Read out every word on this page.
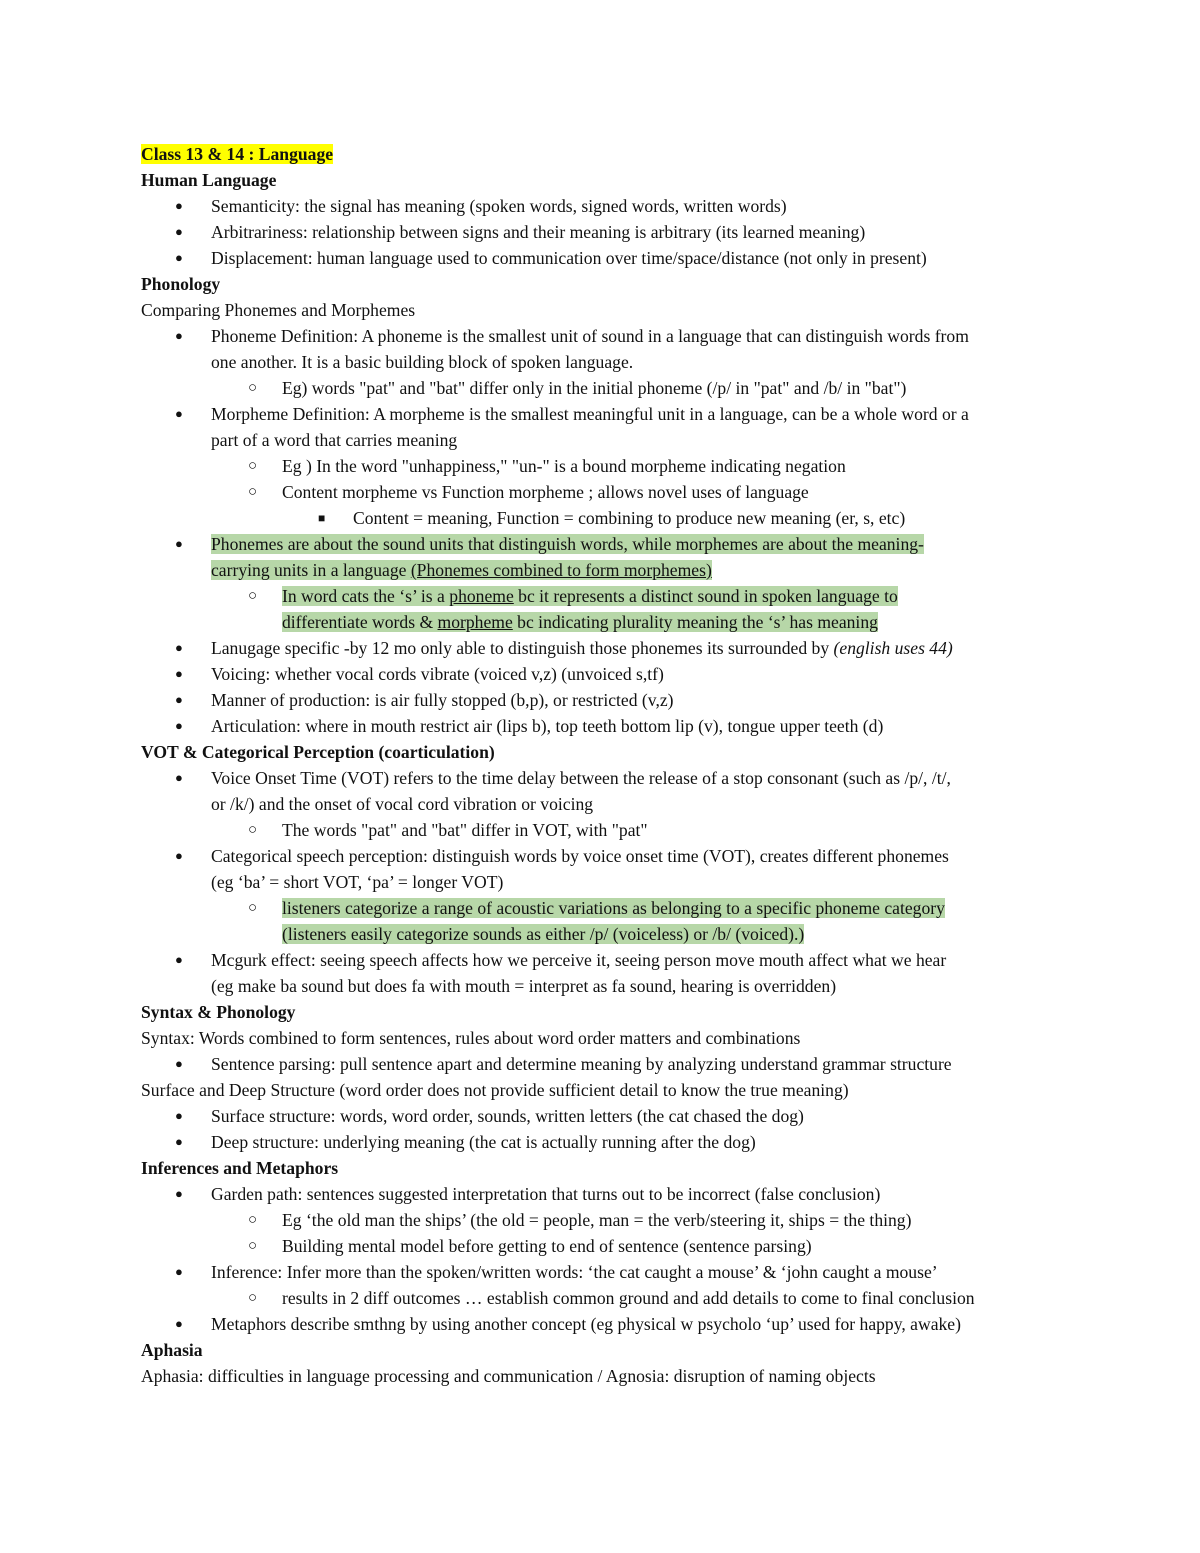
Class 13 & 14 : Language
Human Language
● Semanticity: the signal has meaning (spoken words, signed words, written words)
● Arbitrariness: relationship between signs and their meaning is arbitrary (its learned meaning)
● Displacement: human language used to communication over time/space/distance (not only in present)
Phonology
Comparing Phonemes and Morphemes
● Phoneme Definition: A phoneme is the smallest unit of sound in a language that can distinguish words from
one another. It is a basic building block of spoken language.
○ Eg) words "pat" and "bat" differ only in the initial phoneme (/p/ in "pat" and /b/ in "bat")
● Morpheme Definition: A morpheme is the smallest meaningful unit in a language, can be a whole word or a
part of a word that carries meaning
○ Eg ) In the word "unhappiness," "un-" is a bound morpheme indicating negation
○ Content morpheme vs Function morpheme ; allows novel uses of language
■ Content = meaning, Function = combining to produce new meaning (er, s, etc)
● Phonemes are about the sound units that distinguish words, while morphemes are about the meaning-
carrying units in a language (Phonemes combined to form morphemes)
○ In word cats the ‘s’ is a phoneme bc it represents a distinct sound in spoken language to
differentiate words & morpheme bc indicating plurality meaning the ‘s’ has meaning
● Lanugage specific -by 12 mo only able to distinguish those phonemes its surrounded by (english uses 44)
● Voicing: whether vocal cords vibrate (voiced v,z) (unvoiced s,tf)
● Manner of production: is air fully stopped (b,p), or restricted (v,z)
● Articulation: where in mouth restrict air (lips b), top teeth bottom lip (v), tongue upper teeth (d)
VOT & Categorical Perception (coarticulation)
● Voice Onset Time (VOT) refers to the time delay between the release of a stop consonant (such as /p/, /t/,
or /k/) and the onset of vocal cord vibration or voicing
○ The words "pat" and "bat" differ in VOT, with "pat"
● Categorical speech perception: distinguish words by voice onset time (VOT), creates different phonemes
(eg ‘ba’ = short VOT, ‘pa’ = longer VOT)
○ listeners categorize a range of acoustic variations as belonging to a specific phoneme category
(listeners easily categorize sounds as either /p/ (voiceless) or /b/ (voiced).)
● Mcgurk effect: seeing speech affects how we perceive it, seeing person move mouth affect what we hear
(eg make ba sound but does fa with mouth = interpret as fa sound, hearing is overridden)
Syntax & Phonology
Syntax: Words combined to form sentences, rules about word order matters and combinations
● Sentence parsing: pull sentence apart and determine meaning by analyzing understand grammar structure
Surface and Deep Structure (word order does not provide sufficient detail to know the true meaning)
● Surface structure: words, word order, sounds, written letters (the cat chased the dog)
● Deep structure: underlying meaning (the cat is actually running after the dog)
Inferences and Metaphors
● Garden path: sentences suggested interpretation that turns out to be incorrect (false conclusion)
○ Eg ‘the old man the ships’ (the old = people, man = the verb/steering it, ships = the thing)
○ Building mental model before getting to end of sentence (sentence parsing)
● Inference: Infer more than the spoken/written words: ‘the cat caught a mouse’ & ‘john caught a mouse’
○ results in 2 diff outcomes … establish common ground and add details to come to final conclusion
● Metaphors describe smthng by using another concept (eg physical w psycholo ‘up’ used for happy, awake)
Aphasia
Aphasia: difficulties in language processing and communication / Agnosia: disruption of naming objects
